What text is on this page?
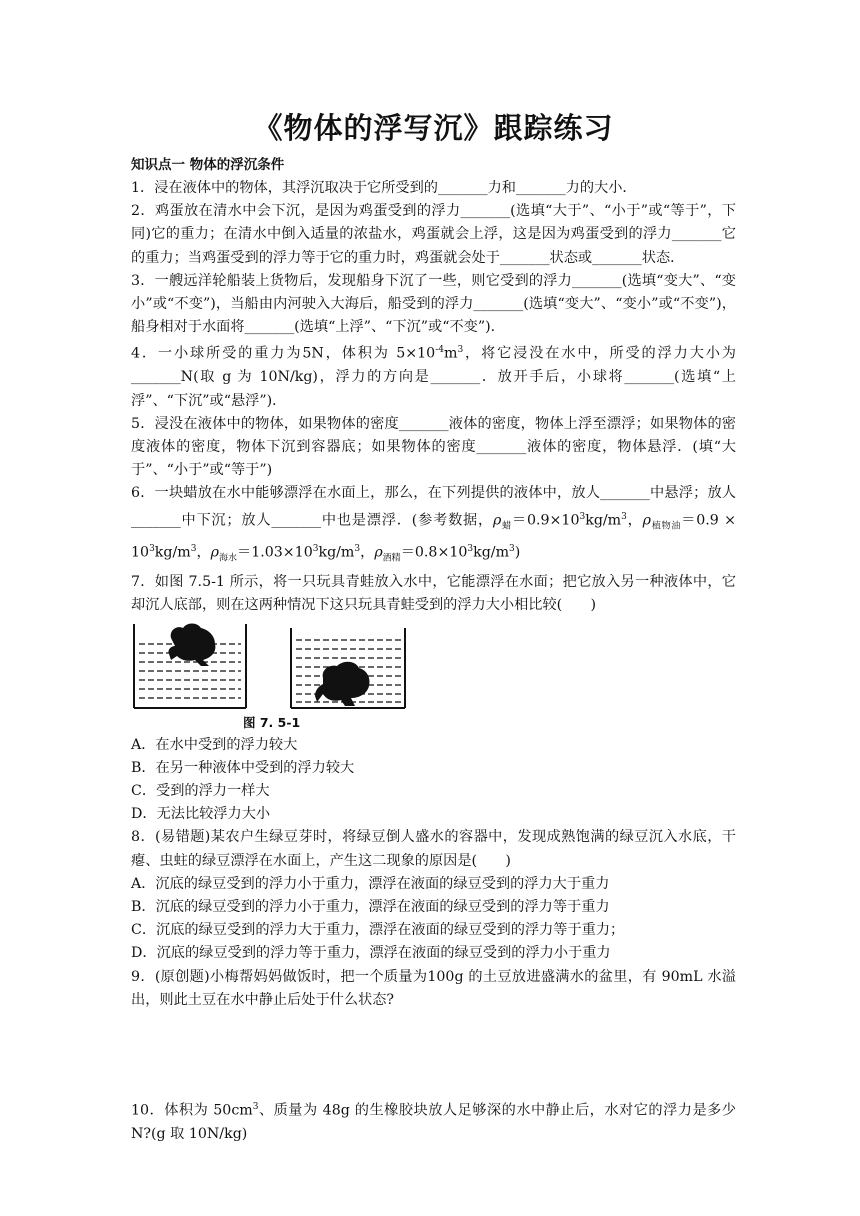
《物体的浮写沉》跟踪练习
知识点一 物体的浮沉条件

1．浸在液体中的物体，其浮沉取决于它所受到的_______力和_______力的大小．

2．鸡蛋放在清水中会下沉，是因为鸡蛋受到的浮力_______(选填“大于”、“小于”或“等于”，下同)它的重力；在清水中倒入适量的浓盐水，鸡蛋就会上浮，这是因为鸡蛋受到的浮力_______它的重力；当鸡蛋受到的浮力等于它的重力时，鸡蛋就会处于_______状态或_______状态．

3．一艘远洋轮船装上货物后，发现船身下沉了一些，则它受到的浮力_______(选填“变大”、“变小”或“不变”)，当船由内河驶入大海后，船受到的浮力_______(选填“变大”、“变小”或“不变”)，船身相对于水面将_______(选填“上浮”、“下沉”或“不变”)．

4．一小球所受的重力为5N，体积为 $5\times 10^{-4}m^3$，将它浸没在水中，所受的浮力大小为_______N(取 g 为 10N/kg)，浮力的方向是_______．放开手后，小球将_______(选填“上浮”、“下沉”或“悬浮”)．

5．浸没在液体中的物体，如果物体的密度_______液体的密度，物体上浮至漂浮；如果物体的密度液体的密度，物体下沉到容器底；如果物体的密度_______液体的密度，物体悬浮．(填“大于”、“小于”或“等于”)

6．一块蜡放在水中能够漂浮在水面上，那么，在下列提供的液体中，放人_______中悬浮；放人_______中下沉；放人_______中也是漂浮．(参考数据，$\rho_蜡=0.9\times 10^3kg/m^3$，$\rho_{植物油}=0.9 \times 10^3kg/m^3$，$\rho_{海水}=1.03\times 10^3kg/m^3$，$\rho_{酒精}=0.8\times 10^3kg/m^3$)

7．如图 7.5-1 所示，将一只玩具青蛙放入水中，它能漂浮在水面；把它放入另一种液体中，它却沉人底部，则在这两种情况下这只玩具青蛙受到的浮力大小相比较(　　)

图 7. 5-1
A．在水中受到的浮力较大
B．在另一种液体中受到的浮力较大
C．受到的浮力一样大
D．无法比较浮力大小

8．(易错题)某农户生绿豆芽时，将绿豆倒人盛水的容器中，发现成熟饱满的绿豆沉入水底，干瘪、虫蛀的绿豆漂浮在水面上，产生这二现象的原因是(　　)

A．沉底的绿豆受到的浮力小于重力，漂浮在液面的绿豆受到的浮力大于重力
B．沉底的绿豆受到的浮力小于重力，漂浮在液面的绿豆受到的浮力等于重力
C．沉底的绿豆受到的浮力大于重力，漂浮在液面的绿豆受到的浮力等于重力；
D．沉底的绿豆受到的浮力等于重力，漂浮在液面的绿豆受到的浮力小于重力

9．(原创题)小梅帮妈妈做饭时，把一个质量为100g 的土豆放进盛满水的盆里，有 90mL 水溢出，则此土豆在水中静止后处于什么状态?

10．体积为 $50cm^3$、质量为 48g 的生橡胶块放人足够深的水中静止后，水对它的浮力是多少N?(g 取 10N/kg)
